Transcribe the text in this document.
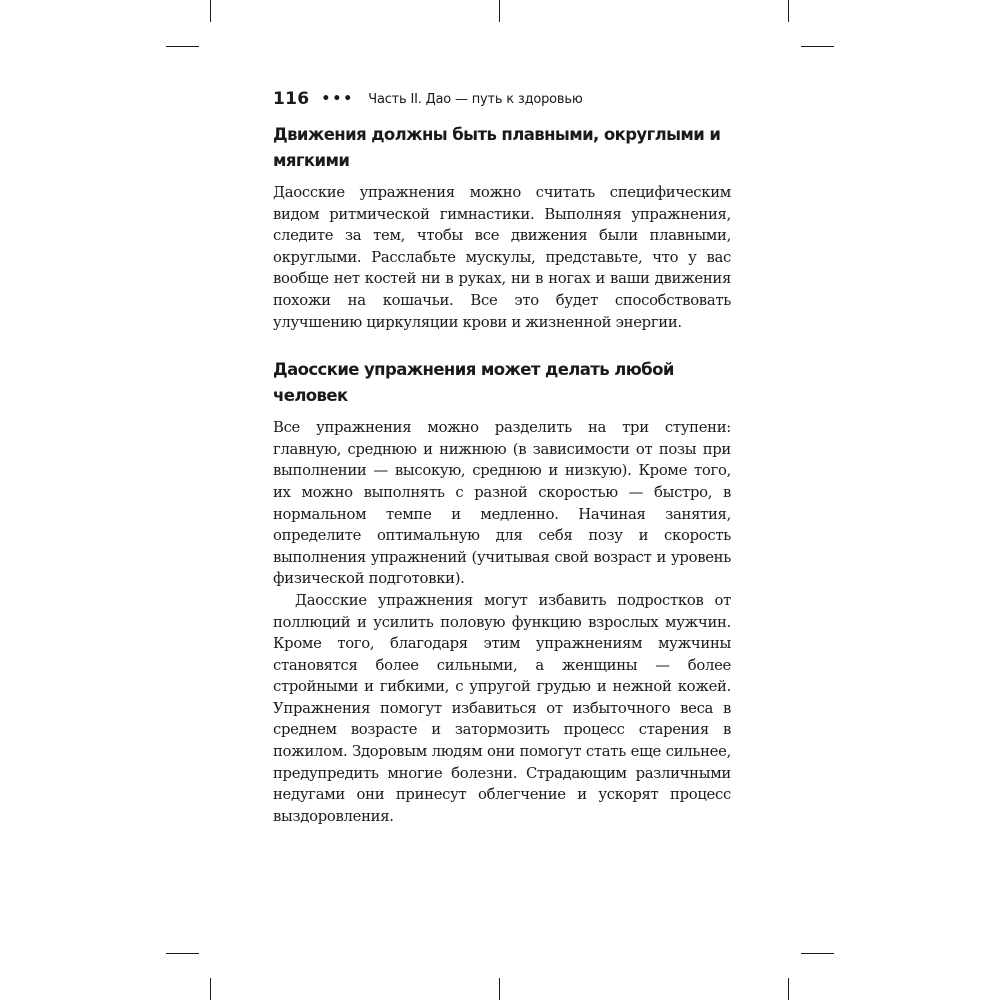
116 ••• Часть II. Дао — путь к здоровью
Движения должны быть плавными, округлыми и мягкими

Даосские упражнения можно считать специфическим видом ритмической гимнастики. Выполняя упражнения, следите за тем, чтобы все движения были плавными, округлыми. Расслабьте мускулы, представьте, что у вас вообще нет костей ни в руках, ни в ногах и ваши движения похожи на кошачьи. Все это будет способствовать улучшению циркуляции крови и жизненной энергии.

Даосские упражнения может делать любой человек

Все упражнения можно разделить на три ступени: главную, среднюю и нижнюю (в зависимости от позы при выполнении — высокую, среднюю и низкую). Кроме того, их можно выполнять с разной скоростью — быстро, в нормальном темпе и медленно. Начиная занятия, определите оптимальную для себя позу и скорость выполнения упражнений (учитывая свой возраст и уровень физической подготовки).

Даосские упражнения могут избавить подростков от поллюций и усилить половую функцию взрослых мужчин. Кроме того, благодаря этим упражнениям мужчины становятся более сильными, а женщины — более стройными и гибкими, с упругой грудью и нежной кожей. Упражнения помогут избавиться от избыточного веса в среднем возрасте и затормозить процесс старения в пожилом. Здоровым людям они помогут стать еще сильнее, предупредить многие болезни. Страдающим различными недугами они принесут облегчение и ускорят процесс выздоровления.
